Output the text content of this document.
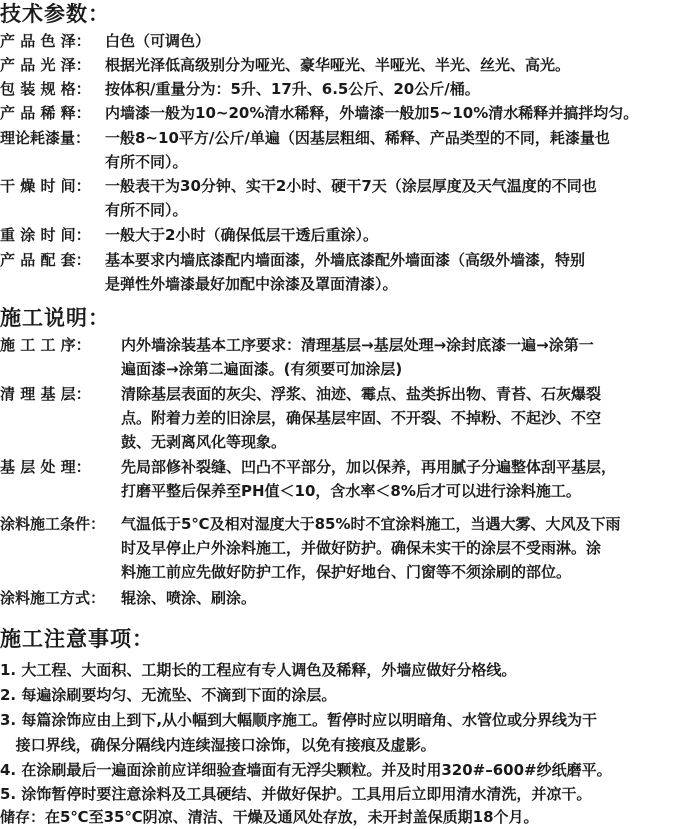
技术参数：
产 品 色 泽： 白色（可调色）
产 品 光 泽： 根据光泽低高级别分为哑光、豪华哑光、半哑光、半光、丝光、高光。
包 装 规 格： 按体积/重量分为：5升、17升、6.5公斤、20公斤/桶。
产 品 稀 释： 内墙漆一般为10~20%清水稀释，外墙漆一般加5~10%清水稀释并搞拌均匀。
理论耗漆量： 一般8~10平方/公斤/单遍（因基层粗细、稀释、产品类型的不同，耗漆量也
有所不同）。
干 燥 时 间： 一般表干为30分钟、实干2小时、硬干7天（涂层厚度及天气温度的不同也
有所不同）。
重 涂 时 间： 一般大于2小时（确保低层干透后重涂）。
产 品 配 套： 基本要求内墙底漆配内墙面漆，外墙底漆配外墙面漆（高级外墙漆，特别
是弹性外墙漆最好加配中涂漆及罩面清漆）。
施工说明：
施 工 工 序： 内外墙涂装基本工序要求：清理基层→基层处理→涂封底漆一遍→涂第一
遍面漆→涂第二遍面漆。(有须要可加涂层)
清 理 基 层： 清除基层表面的灰尖、浮浆、油迹、霉点、盐类拆出物、青苔、石灰爆裂
点。附着力差的旧涂层，确保基层牢固、不开裂、不掉粉、不起沙、不空
鼓、无剥离风化等现象。
基 层 处 理： 先局部修补裂缝、凹凸不平部分，加以保养，再用腻子分遍整体刮平基层，
打磨平整后保养至PH值＜10，含水率＜8%后才可以进行涂料施工。
涂料施工条件： 气温低于5℃及相对湿度大于85%时不宜涂料施工，当遇大雾、大风及下雨
时及早停止户外涂料施工，并做好防护。确保未实干的涂层不受雨淋。涂
料施工前应先做好防护工作，保护好地台、门窗等不须涂刷的部位。
涂料施工方式： 辊涂、喷涂、刷涂。
施工注意事项：
1. 大工程、大面积、工期长的工程应有专人调色及稀释，外墙应做好分格线。
2. 每遍涂刷要均匀、无流坠、不滴到下面的涂层。
3. 每篇涂饰应由上到下,从小幅到大幅顺序施工。暂停时应以明暗角、水管位或分界线为干
接口界线，确保分隔线内连续湿接口涂饰，以免有接痕及虚影。
4. 在涂刷最后一遍面涂前应详细验查墙面有无浮尖颗粒。并及时用320#–600#纱纸磨平。
5. 涂饰暂停时要注意涂料及工具硬结、并做好保护。工具用后立即用清水清洗，并凉干。
储存：在5℃至35℃阴凉、清洁、干燥及通风处存放，未开封盖保质期18个月。
